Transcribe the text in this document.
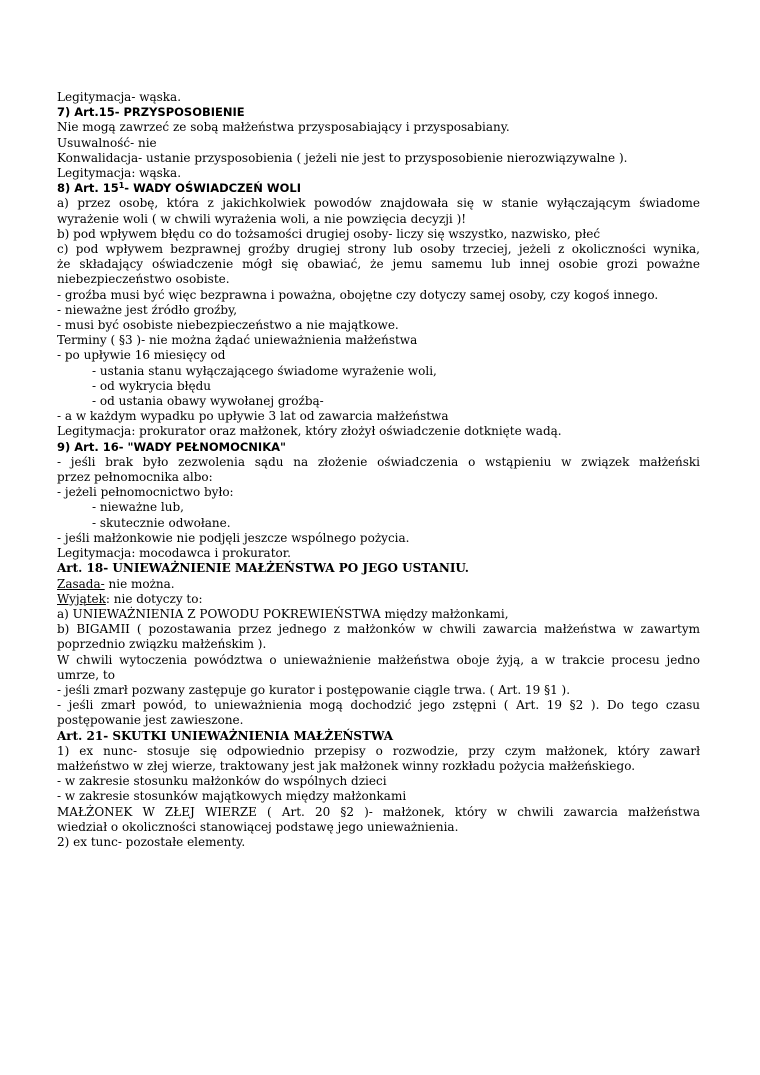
Legitymacja- wąska.

7) Art.15- PRZYSPOSOBIENIE

Nie mogą zawrzeć ze sobą małżeństwa przysposabiający i przysposabiany.

Usuwalność- nie

Konwalidacja- ustanie przysposobienia ( jeżeli nie jest to przysposobienie nierozwiązywalne ).

Legitymacja: wąska.

8) Art. $15^1-$ WADY OŚWIADCZEŃ WOLI

a) przez osobę, która z jakichkolwiek powodów znajdowała się w stanie wyłączającym świadome

wyrażenie woli ( w chwili wyrażenia woli, a nie powzięcia decyzji )!

b) pod wpływem błędu co do tożsamości drugiej osoby- liczy się wszystko, nazwisko, płeć

c) pod wpływem bezprawnej groźby drugiej strony lub osoby trzeciej, jeżeli z okoliczności wynika,

że składający oświadczenie mógł się obawiać, że jemu samemu lub innej osobie grozi poważne

niebezpieczeństwo osobiste.

- groźba musi być więc bezprawna i poważna, obojętne czy dotyczy samej osoby, czy kogoś innego.

- nieważne jest źródło groźby,

- musi być osobiste niebezpieczeństwo a nie majątkowe.

Terminy ( §3 )- nie można żądać unieważnienia małżeństwa

- po upływie 16 miesięcy od

- ustania stanu wyłączającego świadome wyrażenie woli,

- od wykrycia błędu

- od ustania obawy wywołanej groźbą-

- a w każdym wypadku po upływie 3 lat od zawarcia małżeństwa

Legitymacja: prokurator oraz małżonek, który złożył oświadczenie dotknięte wadą.

9) Art. 16- "WADY PEŁNOMOCNIKA"

- jeśli brak było zezwolenia sądu na złożenie oświadczenia o wstąpieniu w związek małżeński

przez pełnomocnika albo:

- jeżeli pełnomocnictwo było:

- nieważne lub,

- skutecznie odwołane.

- jeśli małżonkowie nie podjęli jeszcze wspólnego pożycia.

Legitymacja: mocodawca i prokurator.

Art. 18- UNIEWAŻNIENIE MAŁŻEŃSTWA PO JEGO USTANIU.

Zasada- nie można.

Wyjątek: nie dotyczy to:

a) UNIEWAŻNIENIA Z POWODU POKREWIEŃSTWA między małżonkami,

b) BIGAMII ( pozostawania przez jednego z małżonków w chwili zawarcia małżeństwa w zawartym

poprzednio związku małżeńskim ).

W chwili wytoczenia powództwa o unieważnienie małżeństwa oboje żyją, a w trakcie procesu jedno

umrze, to

- jeśli zmarł pozwany zastępuje go kurator i postępowanie ciągle trwa. ( Art. 19 §1 ).

- jeśli zmarł powód, to unieważnienia mogą dochodzić jego zstępni ( Art. 19 §2 ). Do tego czasu

postępowanie jest zawieszone.

Art. 21- SKUTKI UNIEWAŻNIENIA MAŁŻEŃSTWA

1) ex nunc- stosuje się odpowiednio przepisy o rozwodzie, przy czym małżonek, który zawarł

małżeństwo w złej wierze, traktowany jest jak małżonek winny rozkładu pożycia małżeńskiego.

- w zakresie stosunku małżonków do wspólnych dzieci

- w zakresie stosunków majątkowych między małżonkami

MAŁŻONEK W ZŁEJ WIERZE ( Art. 20 §2 )- małżonek, który w chwili zawarcia małżeństwa

wiedział o okoliczności stanowiącej podstawę jego unieważnienia.

2) ex tunc- pozostałe elementy.
